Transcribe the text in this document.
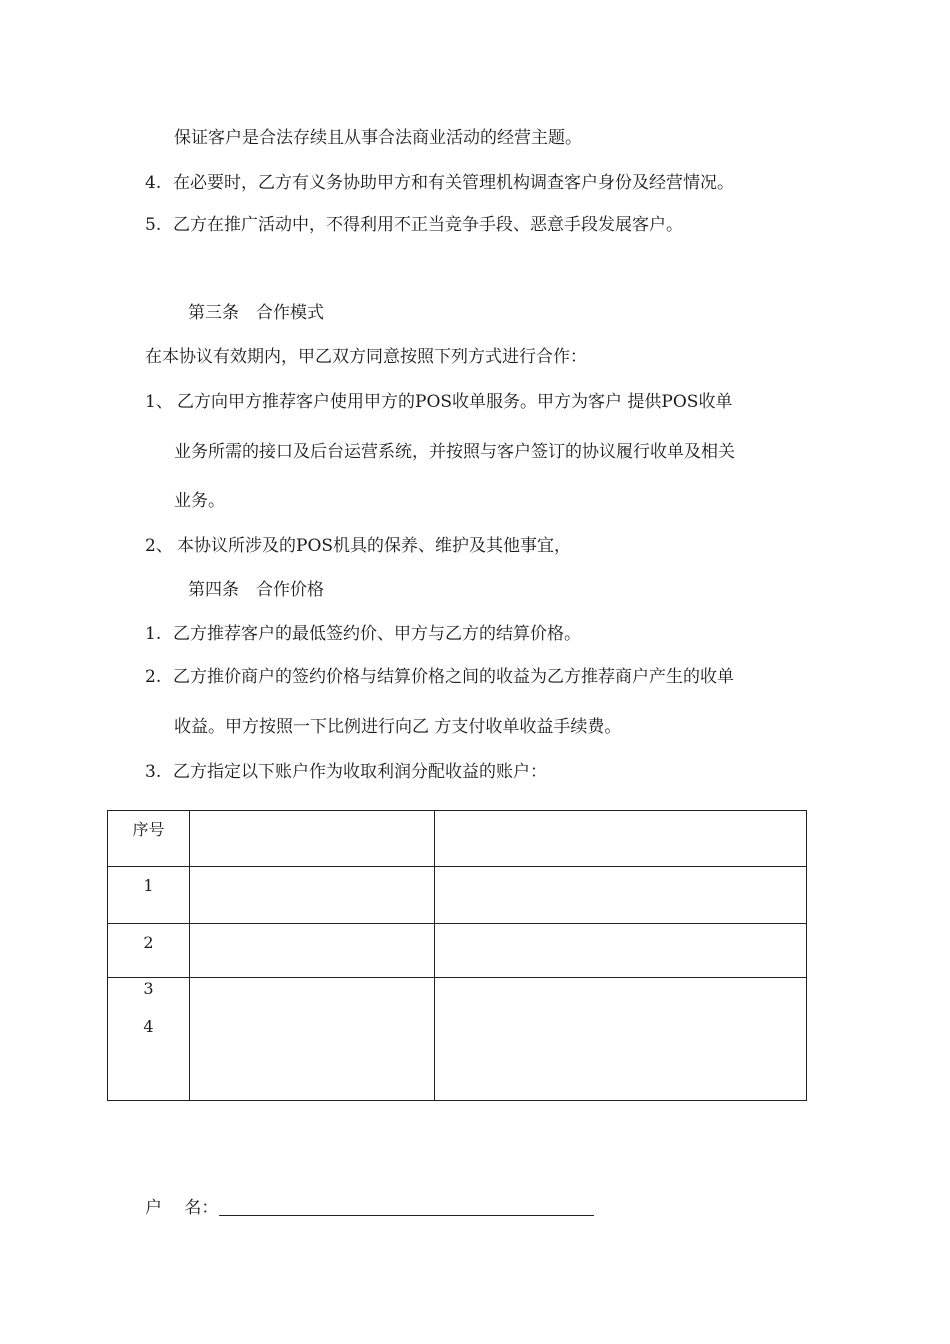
保证客户是合法存续且从事合法商业活动的经营主题。
4. 在必要时，乙方有义务协助甲方和有关管理机构调查客户身份及经营情况。
5. 乙方在推广活动中，不得利用不正当竞争手段、恶意手段发展客户。
第三条　合作模式
在本协议有效期内，甲乙双方同意按照下列方式进行合作：
1、 乙方向甲方推荐客户使用甲方的POS收单服务。甲方为客户 提供POS收单
业务所需的接口及后台运营系统，并按照与客户签订的协议履行收单及相关
业务。
2、 本协议所涉及的POS机具的保养、维护及其他事宜，
第四条　合作价格
1. 乙方推荐客户的最低签约价、甲方与乙方的结算价格。
2. 乙方推价商户的签约价格与结算价格之间的收益为乙方推荐商户产生的收单
收益。甲方按照一下比例进行向乙 方支付收单收益手续费。
3. 乙方指定以下账户作为收取利润分配收益的账户：
序号		

1		

2		

3
4		

户　 名：
